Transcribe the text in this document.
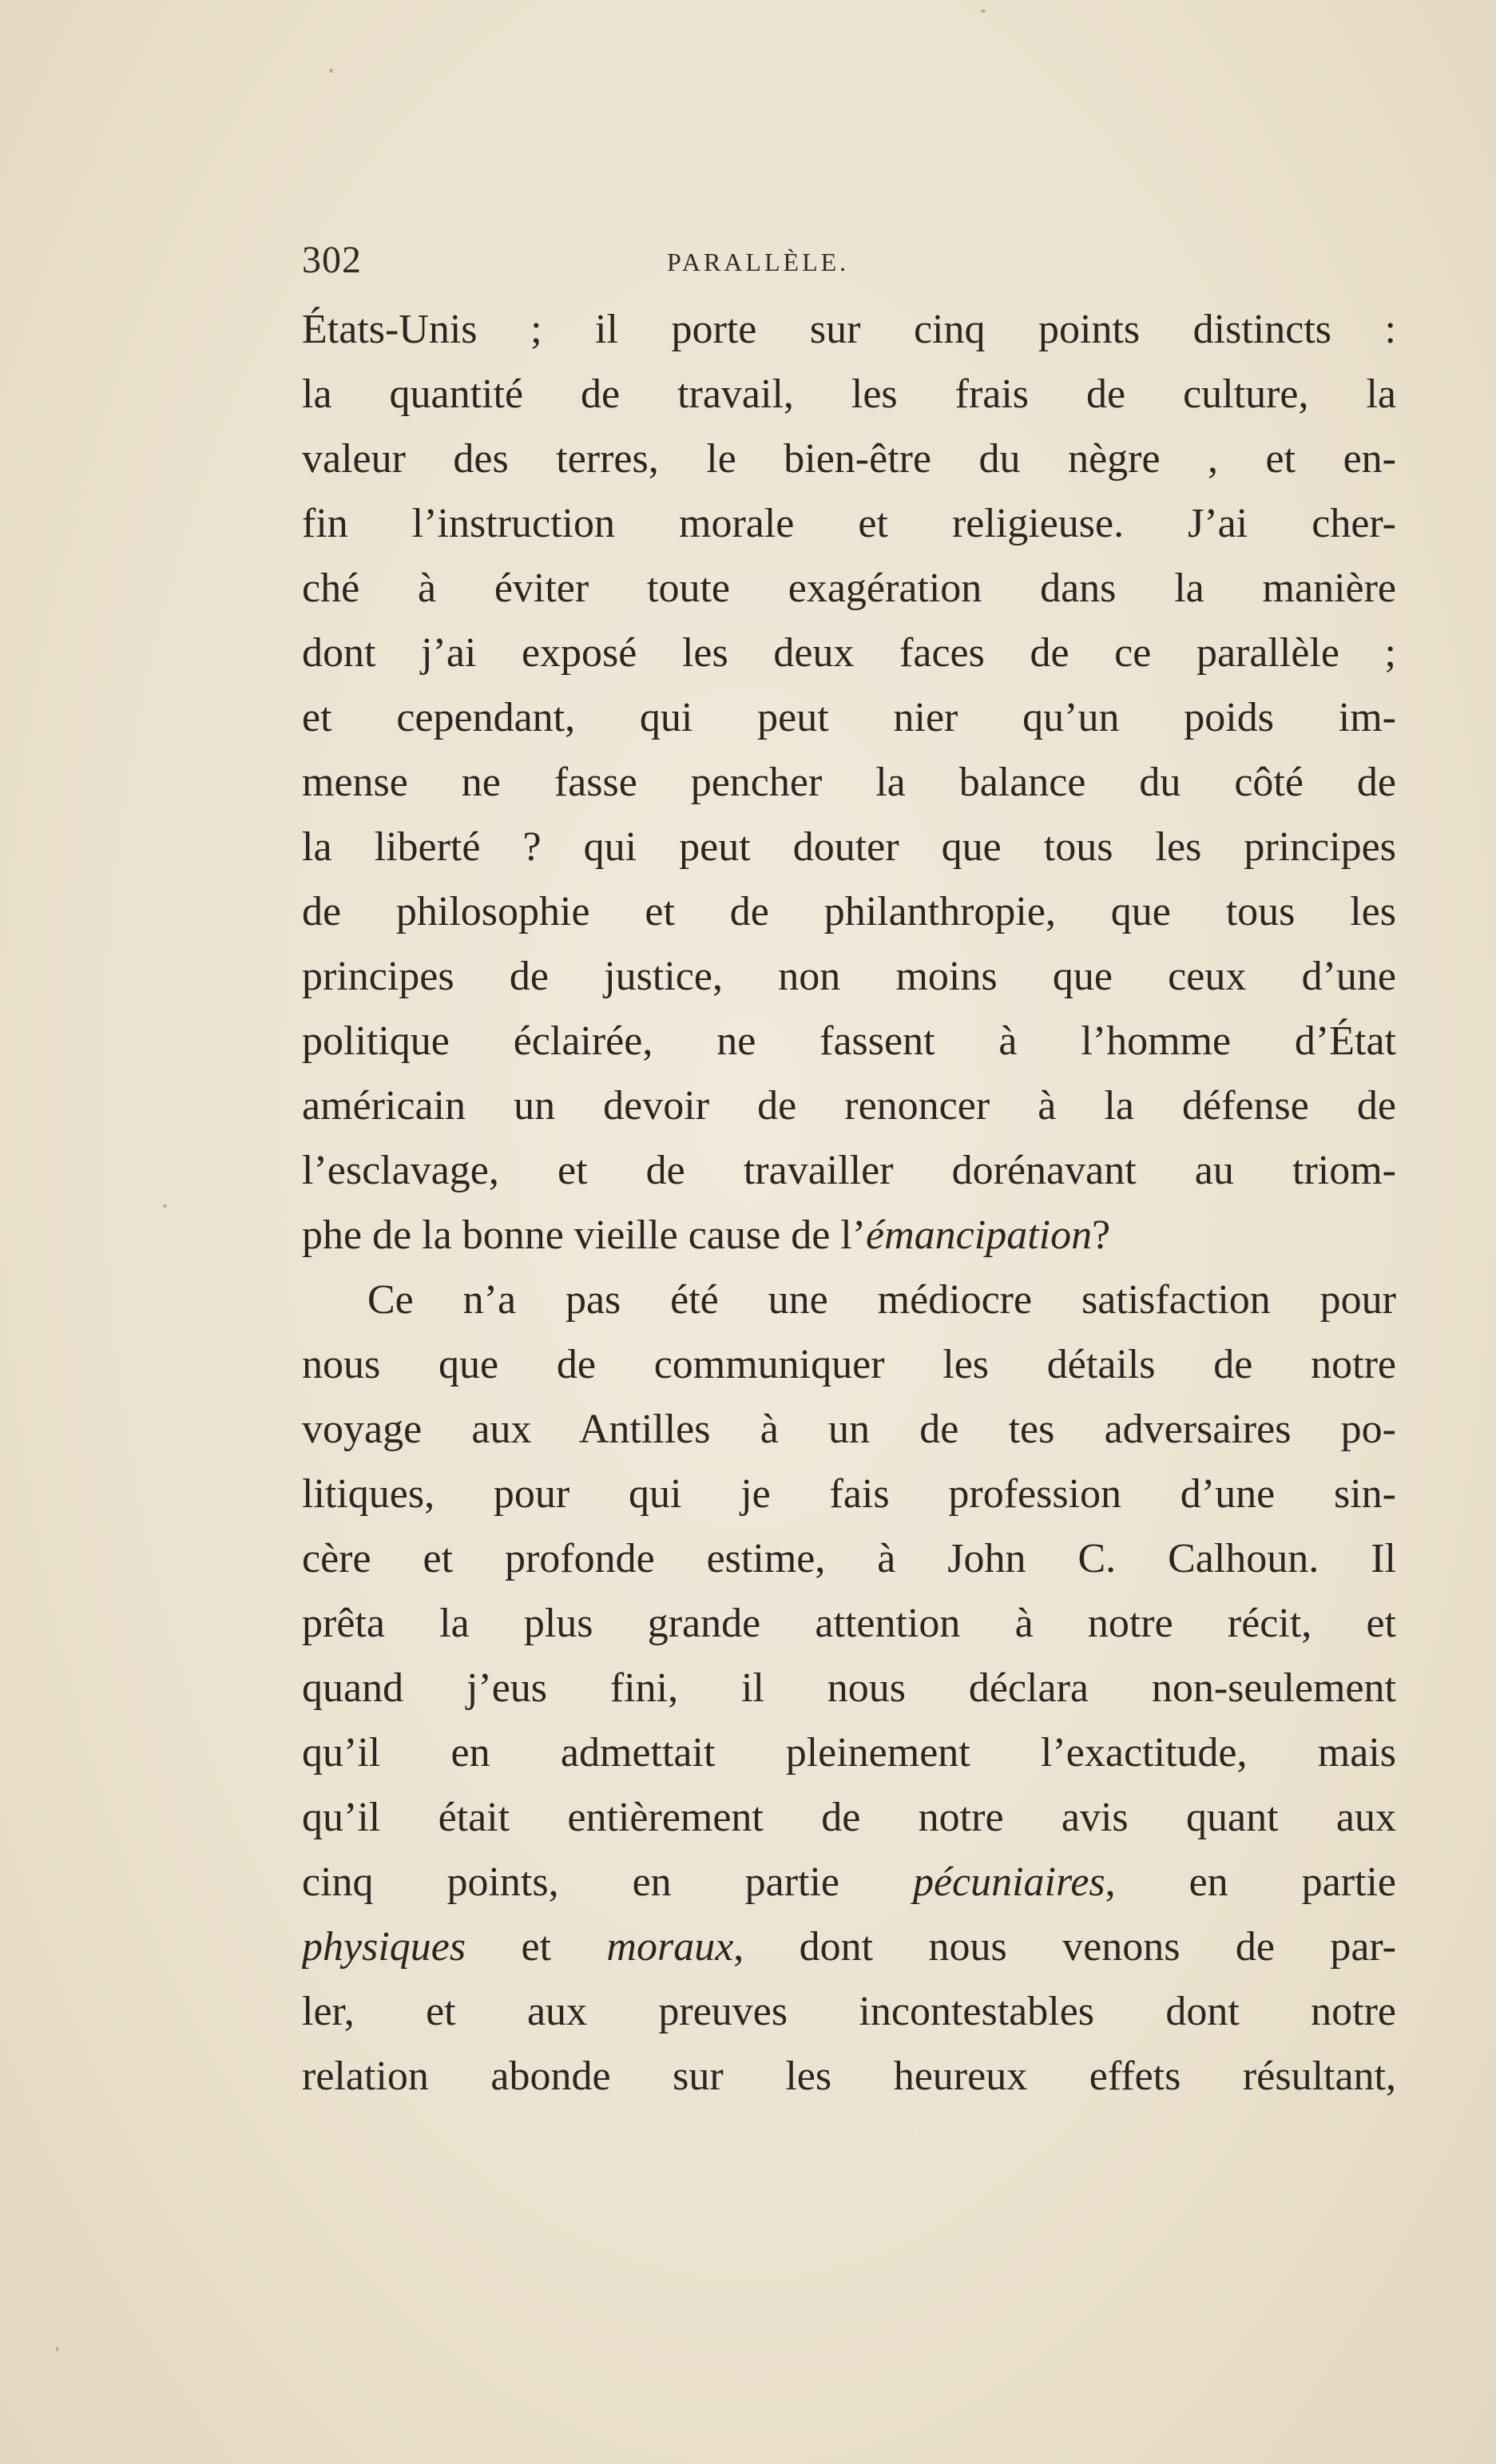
302	PARALLÈLE.
États-Unis ; il porte sur cinq points distincts :
la quantité de travail, les frais de culture, la
valeur des terres, le bien-être du nègre , et en-
fin l’instruction morale et religieuse. J’ai cher-
ché à éviter toute exagération dans la manière
dont j’ai exposé les deux faces de ce parallèle ;
et cependant, qui peut nier qu’un poids im-
mense ne fasse pencher la balance du côté de
la liberté ? qui peut douter que tous les principes
de philosophie et de philanthropie, que tous les
principes de justice, non moins que ceux d’une
politique éclairée, ne fassent à l’homme d’État
américain un devoir de renoncer à la défense de
l’esclavage, et de travailler dorénavant au triom-
phe de la bonne vieille cause de l’émancipation?
Ce n’a pas été une médiocre satisfaction pour
nous que de communiquer les détails de notre
voyage aux Antilles à un de tes adversaires po-
litiques, pour qui je fais profession d’une sin-
cère et profonde estime, à John C. Calhoun. Il
prêta la plus grande attention à notre récit, et
quand j’eus fini, il nous déclara non-seulement
qu’il en admettait pleinement l’exactitude, mais
qu’il était entièrement de notre avis quant aux
cinq points, en partie pécuniaires, en partie
physiques et moraux, dont nous venons de par-
ler, et aux preuves incontestables dont notre
relation abonde sur les heureux effets résultant,
